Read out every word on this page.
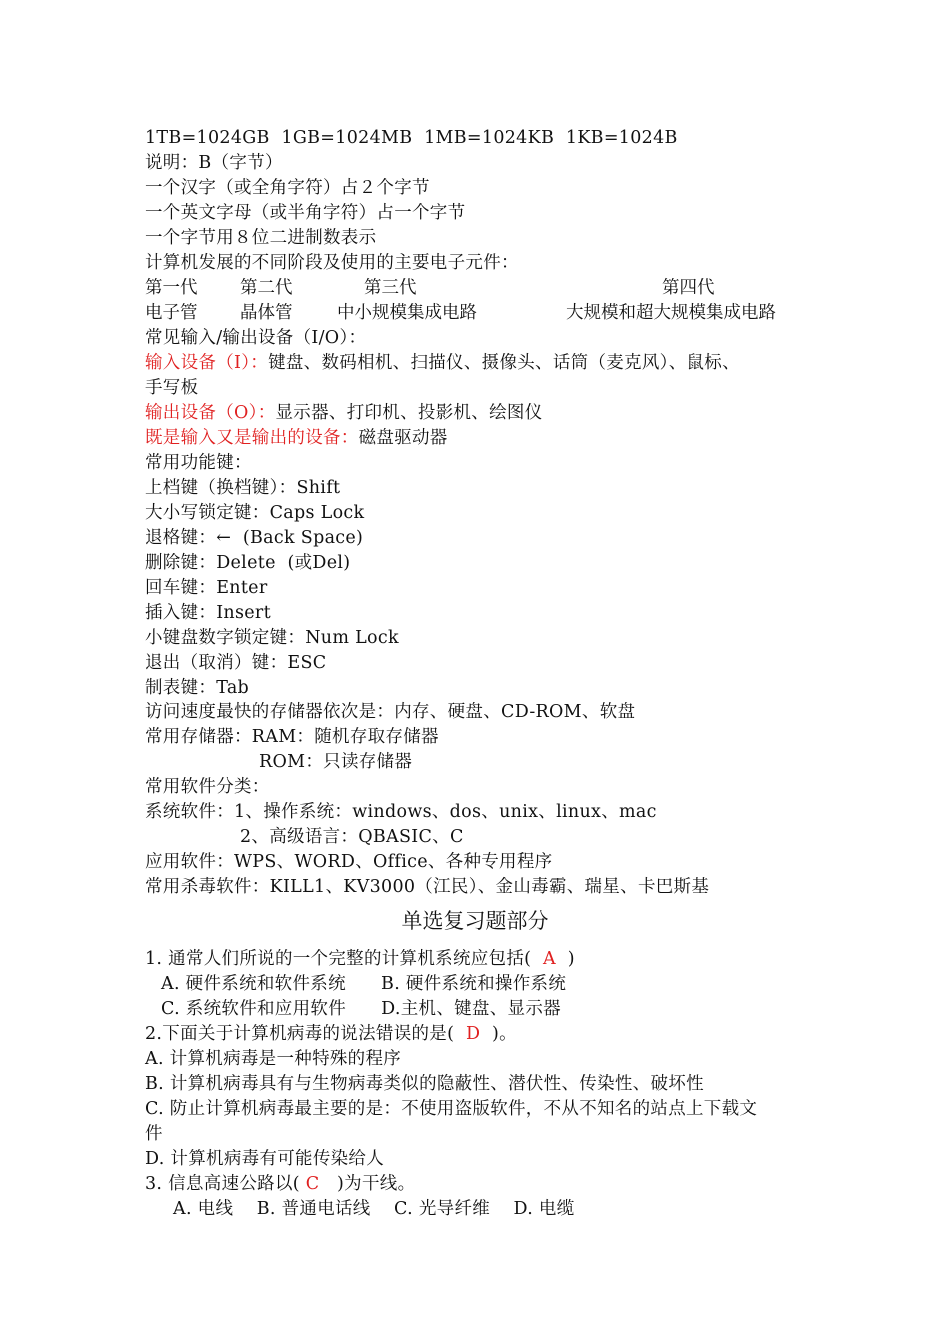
1TB=1024GB  1GB=1024MB  1MB=1024KB  1KB=1024B
说明：B（字节）
一个汉字（或全角字符）占２个字节
一个英文字母（或半角字符）占一个字节
一个字节用８位二进制数表示
计算机发展的不同阶段及使用的主要电子元件：
第一代 第二代	第三代	第四代
电子管 晶体管	中小规模集成电路	大规模和超大规模集成电路
常见输入/输出设备（I/O）：
输入设备（I）：键盘、数码相机、扫描仪、摄像头、话筒（麦克风）、鼠标、
手写板
输出设备（O）：显示器、打印机、投影机、绘图仪
既是输入又是输出的设备：磁盘驱动器
常用功能键：
上档键（换档键）：Shift
大小写锁定键：Caps Lock
退格键：←  (Back Space)
删除键：Delete  (或Del)
回车键：Enter
插入键：Insert
小键盘数字锁定键：Num Lock
退出（取消）键：ESC
制表键：Tab
访问速度最快的存储器依次是：内存、硬盘、CD-ROM、软盘
常用存储器：RAM：随机存取存储器
ROM：只读存储器
常用软件分类：
系统软件：1、操作系统：windows、dos、unix、linux、mac
2、高级语言：QBASIC、C
应用软件：WPS、WORD、Office、各种专用程序
常用杀毒软件：KILL1、KV3000（江民）、金山毒霸、瑞星、卡巴斯基
单选复习题部分
1. 通常人们所说的一个完整的计算机系统应包括(  A  )
A. 硬件系统和软件系统      B. 硬件系统和操作系统
C. 系统软件和应用软件      D.主机、键盘、显示器
2.下面关于计算机病毒的说法错误的是(  D  )。
A. 计算机病毒是一种特殊的程序
B. 计算机病毒具有与生物病毒类似的隐蔽性、潜伏性、传染性、破坏性
C. 防止计算机病毒最主要的是：不使用盗版软件，不从不知名的站点上下载文
件
D. 计算机病毒有可能传染给人
3. 信息高速公路以( C   )为干线。
A. 电线    B. 普通电话线    C. 光导纤维    D. 电缆
